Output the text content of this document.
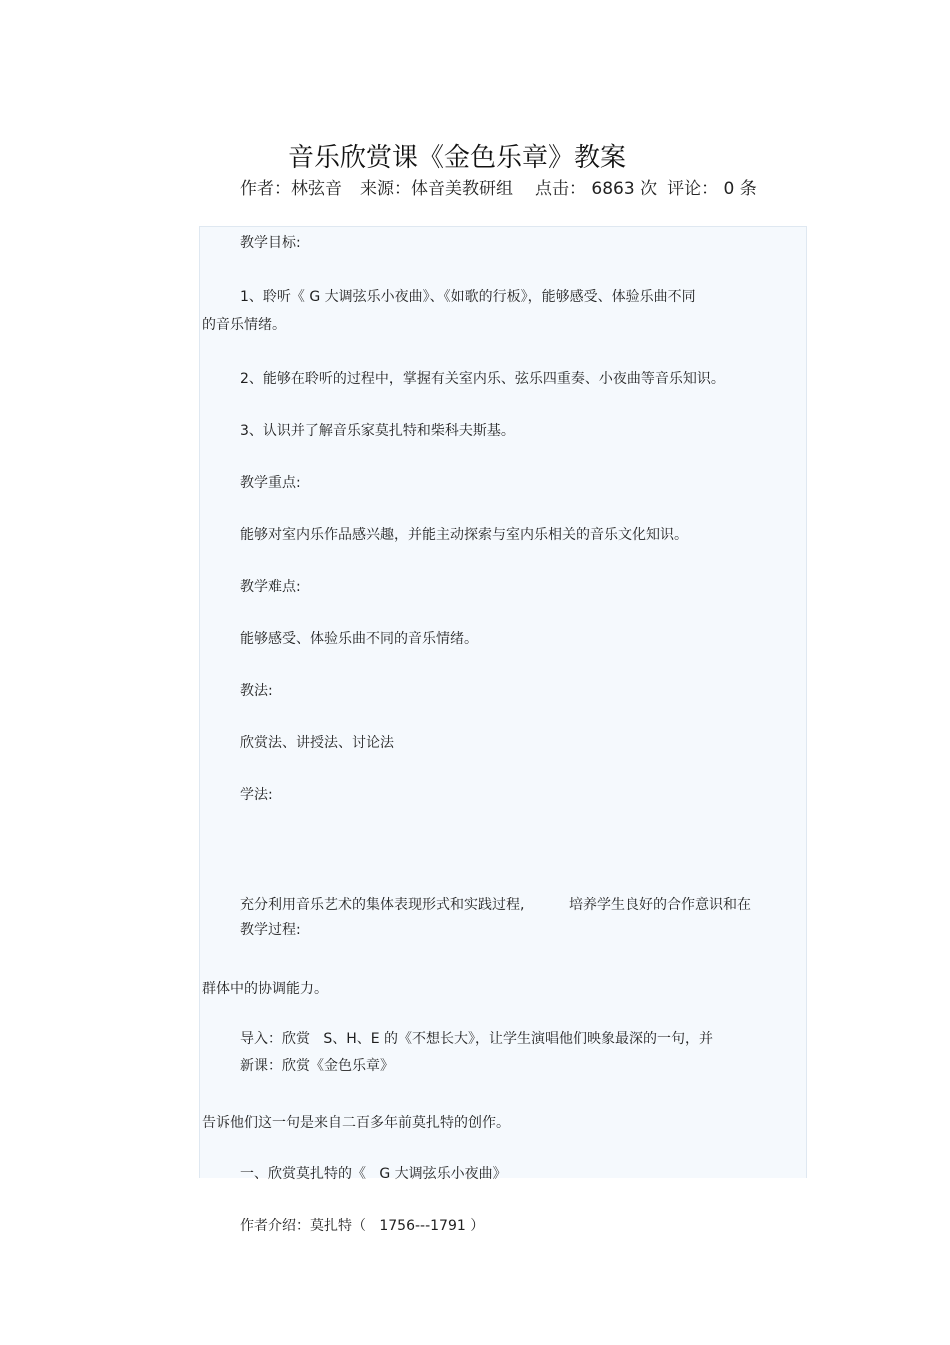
音乐欣赏课《金色乐章》教案
作者：林弦音 来源：体音美教研组 点击： 6863 次 评论： 0 条
教学目标:
1、聆听《 G 大调弦乐小夜曲》、《如歌的行板》，能够感受、体验乐曲不同
的音乐情绪。
2、能够在聆听的过程中，掌握有关室内乐、弦乐四重奏、小夜曲等音乐知识。
3、认识并了解音乐家莫扎特和柴科夫斯基。
教学重点:
能够对室内乐作品感兴趣，并能主动探索与室内乐相关的音乐文化知识。
教学难点:
能够感受、体验乐曲不同的音乐情绪。
教法:
欣赏法、讲授法、讨论法
学法:

充分利用音乐艺术的集体表现形式和实践过程,          培养学生良好的合作意识和在

群体中的协调能力。

教学过程:

导入：欣赏   S、H、E 的《不想长大》，让学生演唱他们映象最深的一句，并

告诉他们这一句是来自二百多年前莫扎特的创作。

新课：欣赏《金色乐章》

一、欣赏莫扎特的《   G 大调弦乐小夜曲》

作者介绍：莫扎特（   1756---1791 ）
